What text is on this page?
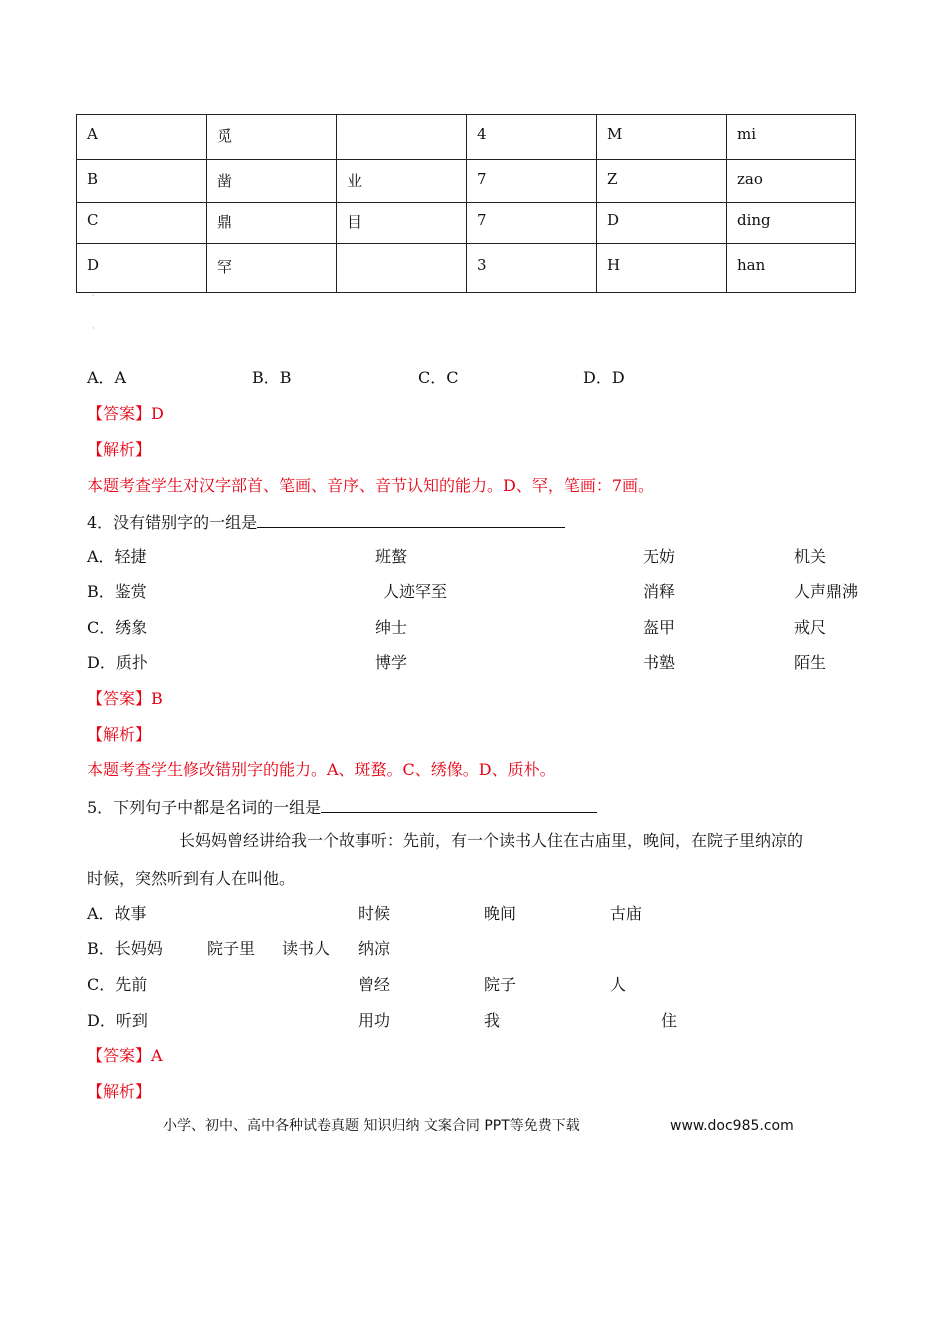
A	觅		4	M	mi
B	凿	业	7	Z	zao
C	鼎	目	7	D	ding
D	罕		3	H	han
·
·
A．A	B．B	C．C	D．D
【答案】D
【解析】
本题考查学生对汉字部首、笔画、音序、音节认知的能力。D、罕，笔画：7画。
4．没有错别字的一组是
A．轻捷	班螯	无妨	机关
B．鉴赏	人迹罕至	消释	人声鼎沸
C．绣象	绅士	盔甲	戒尺
D．质扑	博学	书塾	陌生
【答案】B
【解析】
本题考查学生修改错别字的能力。A、斑蝥。C、绣像。D、质朴。
5．下列句子中都是名词的一组是
长妈妈曾经讲给我一个故事听：先前，有一个读书人住在古庙里，晚间，在院子里纳凉的
时候，突然听到有人在叫他。
A．故事	时候	晚间	古庙
B．长妈妈	院子里 读书人 纳凉
C．先前	曾经	院子	人
D．听到	用功	我	住
【答案】A
【解析】
小学、初中、高中各种试卷真题 知识归纳 文案合同 PPT等免费下载	www.doc985.com
